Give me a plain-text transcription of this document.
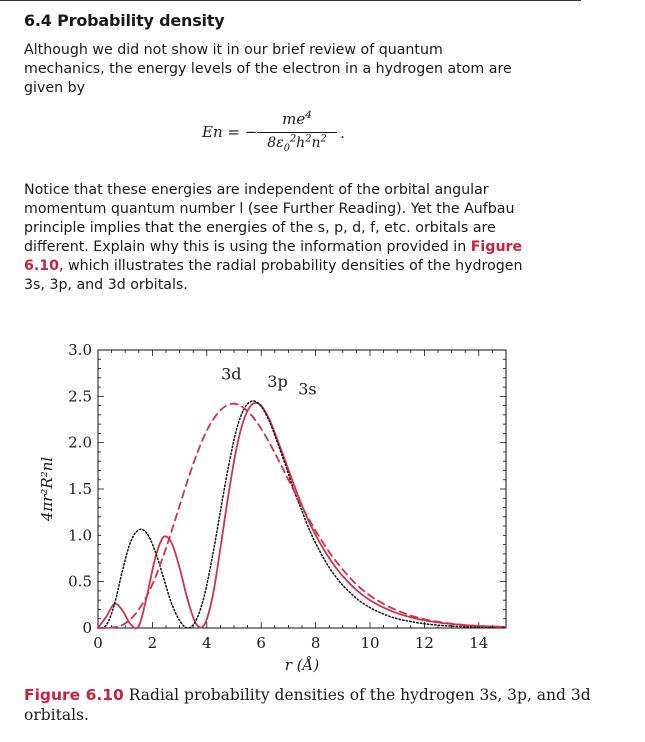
6.4 Probability density

Although we did not show it in our brief review of quantum mechanics, the energy levels of the electron in a hydrogen atom are given by

En = −
$me^4$
$8\varepsilon_0^2h^2n^2$ .

Notice that these energies are independent of the orbital angular momentum quantum number l (see Further Reading). Yet the Aufbau principle implies that the energies of the s, p, d, f, etc. orbitals are different. Explain why this is using the information provided in Figure 6.10, which illustrates the radial probability densities of the hydrogen 3s, 3p, and 3d orbitals.

0	2	4	6	8	10 12 14
0
0.5
1.0
1.5
2.0
2.5
3.0
r (Å)
4πr²R²nl
3d 3p 3s

Figure 6.10 Radial probability densities of the hydrogen 3s, 3p, and 3d orbitals.
